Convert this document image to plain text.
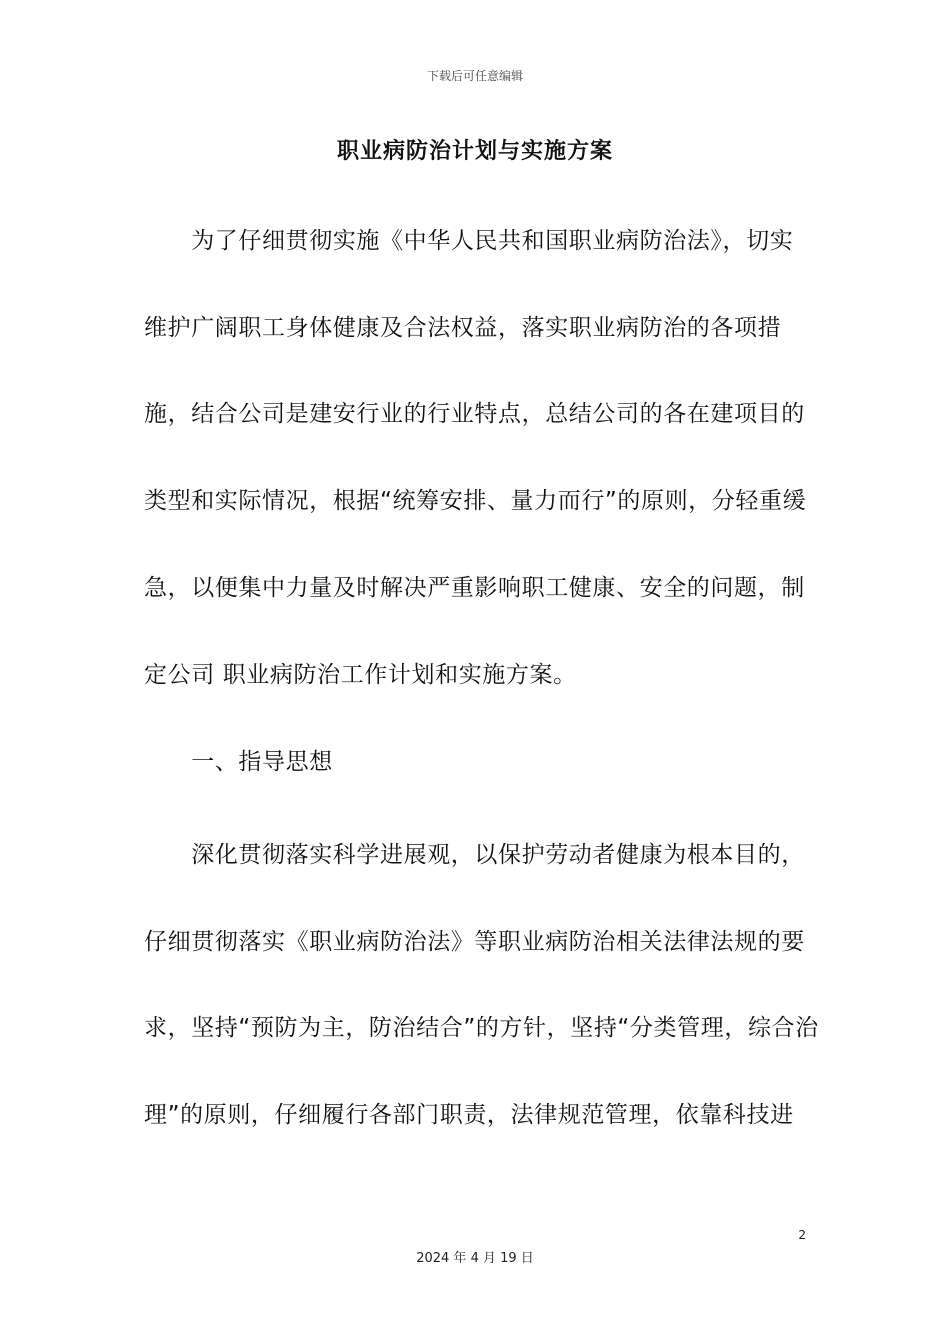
下载后可任意编辑
职业病防治计划与实施方案
　　为了仔细贯彻实施《中华人民共和国职业病防治法》，切实
维护广阔职工身体健康及合法权益，落实职业病防治的各项措
施，结合公司是建安行业的行业特点，总结公司的各在建项目的
类型和实际情况，根据“统筹安排、量力而行”的原则，分轻重缓
急，以便集中力量及时解决严重影响职工健康、安全的问题，制
定公司 职业病防治工作计划和实施方案。
　　一、指导思想
　　深化贯彻落实科学进展观，以保护劳动者健康为根本目的，
仔细贯彻落实《职业病防治法》等职业病防治相关法律法规的要
求，坚持“预防为主，防治结合”的方针，坚持“分类管理，综合治
理”的原则，仔细履行各部门职责，法律规范管理，依靠科技进
2
2024 年 4 月 19 日
